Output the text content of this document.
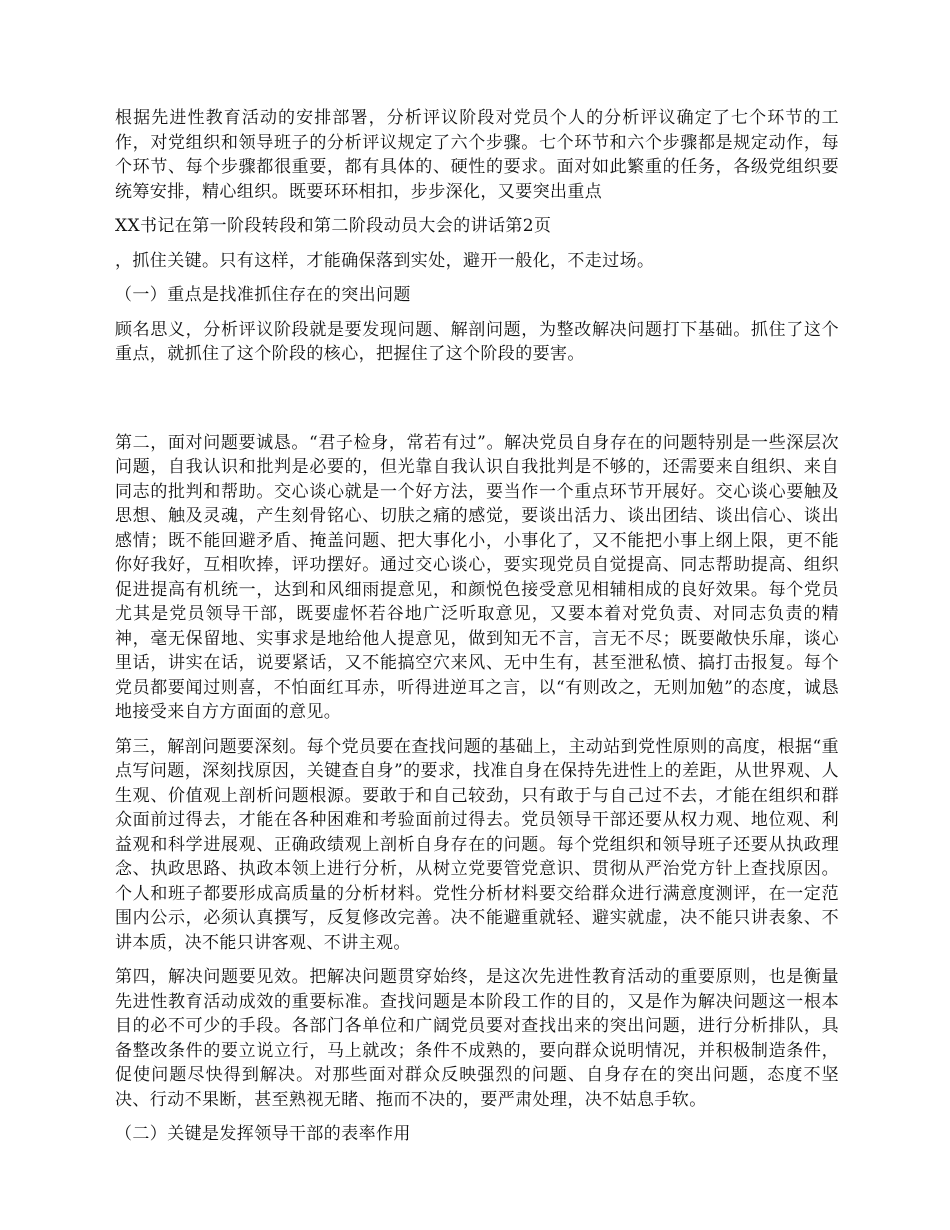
根据先进性教育活动的安排部署，分析评议阶段对党员个人的分析评议确定了七个环节的工作，对党组织和领导班子的分析评议规定了六个步骤。七个环节和六个步骤都是规定动作，每个环节、每个步骤都很重要，都有具体的、硬性的要求。面对如此繁重的任务，各级党组织要统筹安排，精心组织。既要环环相扣，步步深化，又要突出重点

XX书记在第一阶段转段和第二阶段动员大会的讲话第2页

，抓住关键。只有这样，才能确保落到实处，避开一般化，不走过场。

（一）重点是找准抓住存在的突出问题

顾名思义，分析评议阶段就是要发现问题、解剖问题，为整改解决问题打下基础。抓住了这个重点，就抓住了这个阶段的核心，把握住了这个阶段的要害。

第二，面对问题要诚恳。“君子检身，常若有过”。解决党员自身存在的问题特别是一些深层次问题，自我认识和批判是必要的，但光靠自我认识自我批判是不够的，还需要来自组织、来自同志的批判和帮助。交心谈心就是一个好方法，要当作一个重点环节开展好。交心谈心要触及思想、触及灵魂，产生刻骨铭心、切肤之痛的感觉，要谈出活力、谈出团结、谈出信心、谈出感情；既不能回避矛盾、掩盖问题、把大事化小，小事化了，又不能把小事上纲上限，更不能你好我好，互相吹捧，评功摆好。通过交心谈心，要实现党员自觉提高、同志帮助提高、组织促进提高有机统一，达到和风细雨提意见，和颜悦色接受意见相辅相成的良好效果。每个党员尤其是党员领导干部，既要虚怀若谷地广泛听取意见，又要本着对党负责、对同志负责的精神，毫无保留地、实事求是地给他人提意见，做到知无不言，言无不尽；既要敞快乐扉，谈心里话，讲实在话，说要紧话，又不能搞空穴来风、无中生有，甚至泄私愤、搞打击报复。每个党员都要闻过则喜，不怕面红耳赤，听得进逆耳之言，以“有则改之，无则加勉”的态度，诚恳地接受来自方方面面的意见。

第三，解剖问题要深刻。每个党员要在查找问题的基础上，主动站到党性原则的高度，根据“重点写问题，深刻找原因，关键查自身”的要求，找准自身在保持先进性上的差距，从世界观、人生观、价值观上剖析问题根源。要敢于和自己较劲，只有敢于与自己过不去，才能在组织和群众面前过得去，才能在各种困难和考验面前过得去。党员领导干部还要从权力观、地位观、利益观和科学进展观、正确政绩观上剖析自身存在的问题。每个党组织和领导班子还要从执政理念、执政思路、执政本领上进行分析，从树立党要管党意识、贯彻从严治党方针上查找原因。个人和班子都要形成高质量的分析材料。党性分析材料要交给群众进行满意度测评，在一定范围内公示，必须认真撰写，反复修改完善。决不能避重就轻、避实就虚，决不能只讲表象、不讲本质，决不能只讲客观、不讲主观。

第四，解决问题要见效。把解决问题贯穿始终，是这次先进性教育活动的重要原则，也是衡量先进性教育活动成效的重要标准。查找问题是本阶段工作的目的，又是作为解决问题这一根本目的必不可少的手段。各部门各单位和广阔党员要对查找出来的突出问题，进行分析排队，具备整改条件的要立说立行，马上就改；条件不成熟的，要向群众说明情况，并积极制造条件，促使问题尽快得到解决。对那些面对群众反映强烈的问题、自身存在的突出问题，态度不坚决、行动不果断，甚至熟视无睹、拖而不决的，要严肃处理，决不姑息手软。

（二）关键是发挥领导干部的表率作用
